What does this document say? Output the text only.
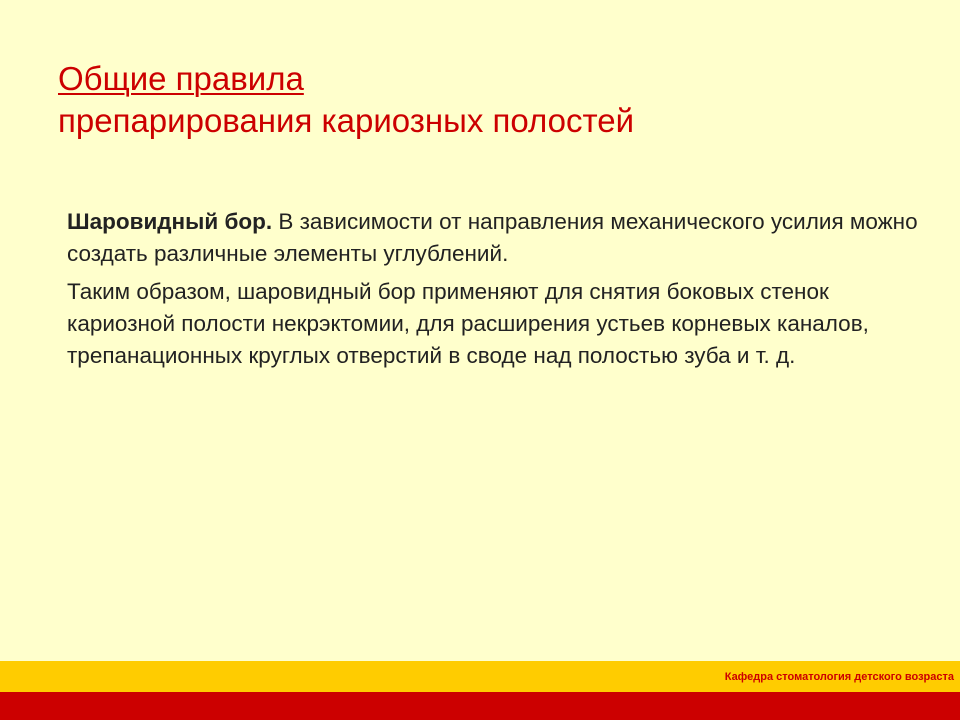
Общие правила
препарирования кариозных полостей

Шаровидный бор. В зависимости от направления механического усилия можно создать различные элементы углублений.

Таким образом, шаровидный бор применяют для снятия боковых стенок кариозной полости некрэктомии, для расширения устьев корневых каналов, трепанационных круглых отверстий в своде над полостью зуба и т. д.

Кафедра стоматология детского возраста
